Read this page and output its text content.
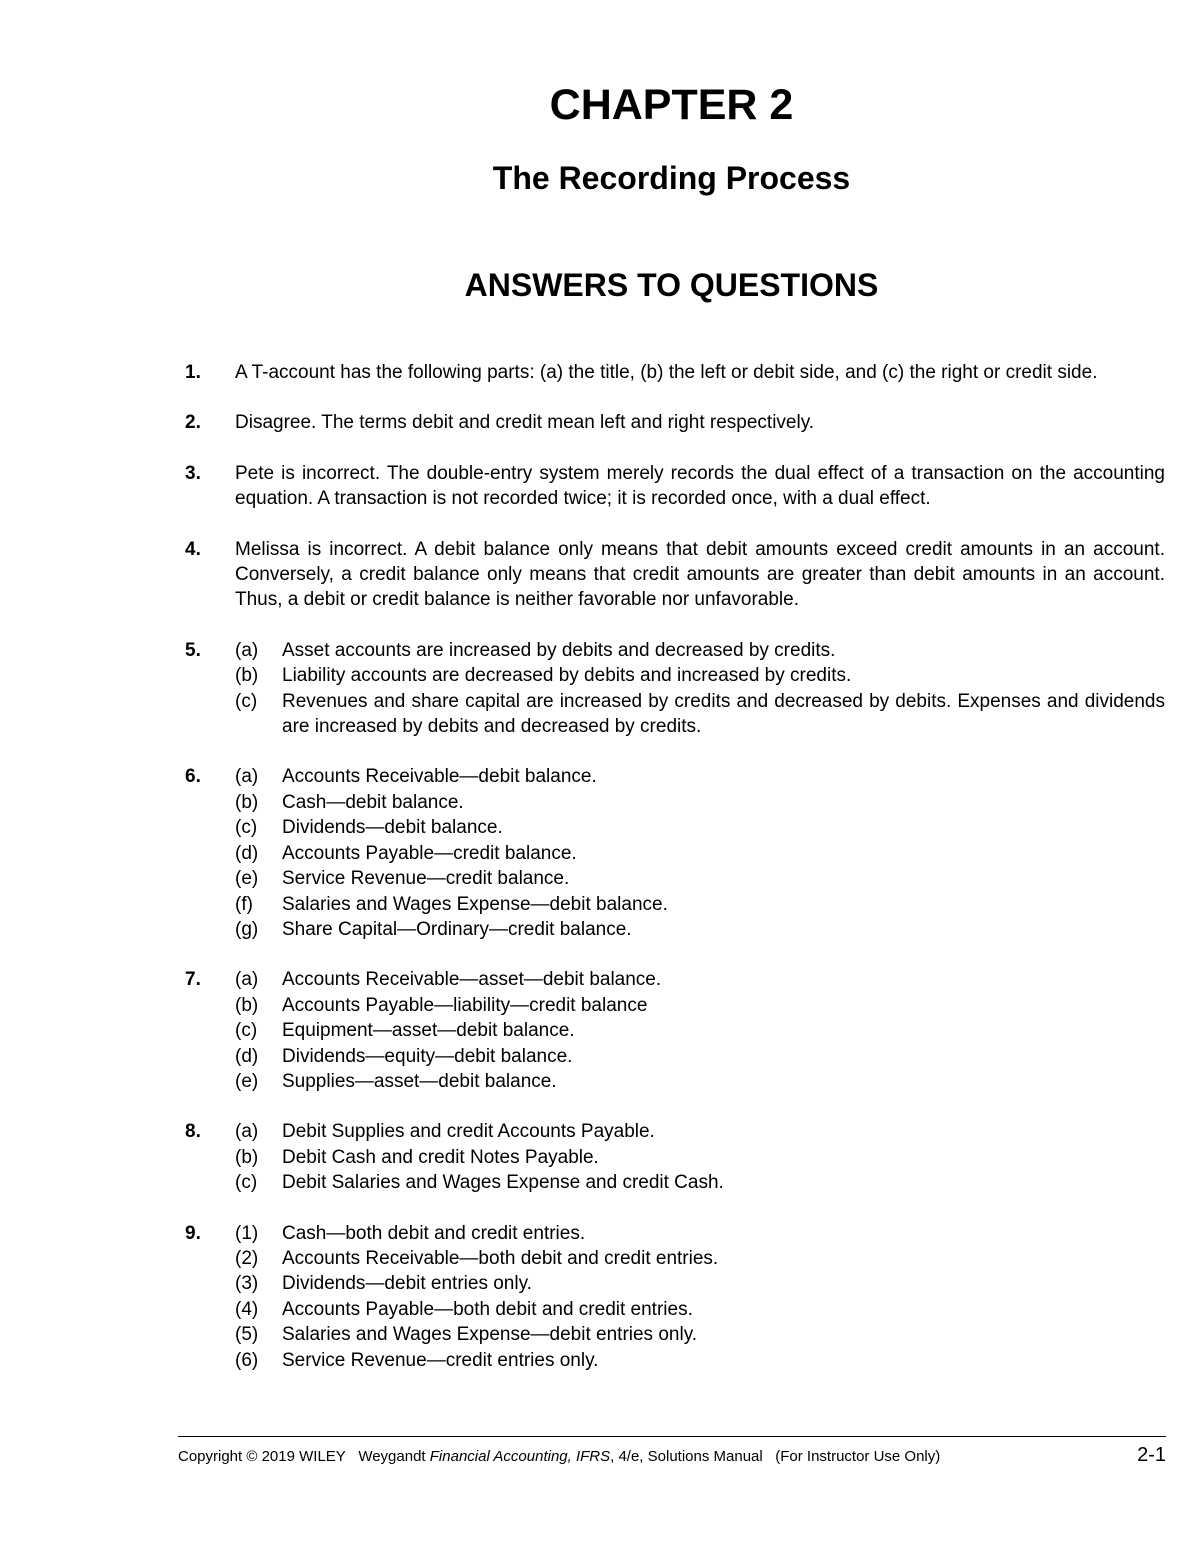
CHAPTER 2
The Recording Process
ANSWERS TO QUESTIONS
1.	A T-account has the following parts: (a) the title, (b) the left or debit side, and (c) the right or credit side.
2.	Disagree. The terms debit and credit mean left and right respectively.
3.	Pete is incorrect. The double-entry system merely records the dual effect of a transaction on the accounting equation. A transaction is not recorded twice; it is recorded once, with a dual effect.
4.	Melissa is incorrect. A debit balance only means that debit amounts exceed credit amounts in an account. Conversely, a credit balance only means that credit amounts are greater than debit amounts in an account. Thus, a debit or credit balance is neither favorable nor unfavorable.
5.	(a)	Asset accounts are increased by debits and decreased by credits.
(b)	Liability accounts are decreased by debits and increased by credits.
(c)	Revenues and share capital are increased by credits and decreased by debits. Expenses and dividends are increased by debits and decreased by credits.
6.	(a)	Accounts Receivable—debit balance.
(b)	Cash—debit balance.
(c)	Dividends—debit balance.
(d)	Accounts Payable—credit balance.
(e)	Service Revenue—credit balance.
(f)	Salaries and Wages Expense—debit balance.
(g)	Share Capital—Ordinary—credit balance.
7.	(a)	Accounts Receivable—asset—debit balance.
(b)	Accounts Payable—liability—credit balance
(c)	Equipment—asset—debit balance.
(d)	Dividends—equity—debit balance.
(e)	Supplies—asset—debit balance.
8.	(a)	Debit Supplies and credit Accounts Payable.
(b)	Debit Cash and credit Notes Payable.
(c)	Debit Salaries and Wages Expense and credit Cash.
9.	(1)	Cash—both debit and credit entries.
(2)	Accounts Receivable—both debit and credit entries.
(3)	Dividends—debit entries only.
(4)	Accounts Payable—both debit and credit entries.
(5)	Salaries and Wages Expense—debit entries only.
(6)	Service Revenue—credit entries only.
Copyright © 2019 WILEY Weygandt Financial Accounting, IFRS, 4/e, Solutions Manual (For Instructor Use Only)	2-1
